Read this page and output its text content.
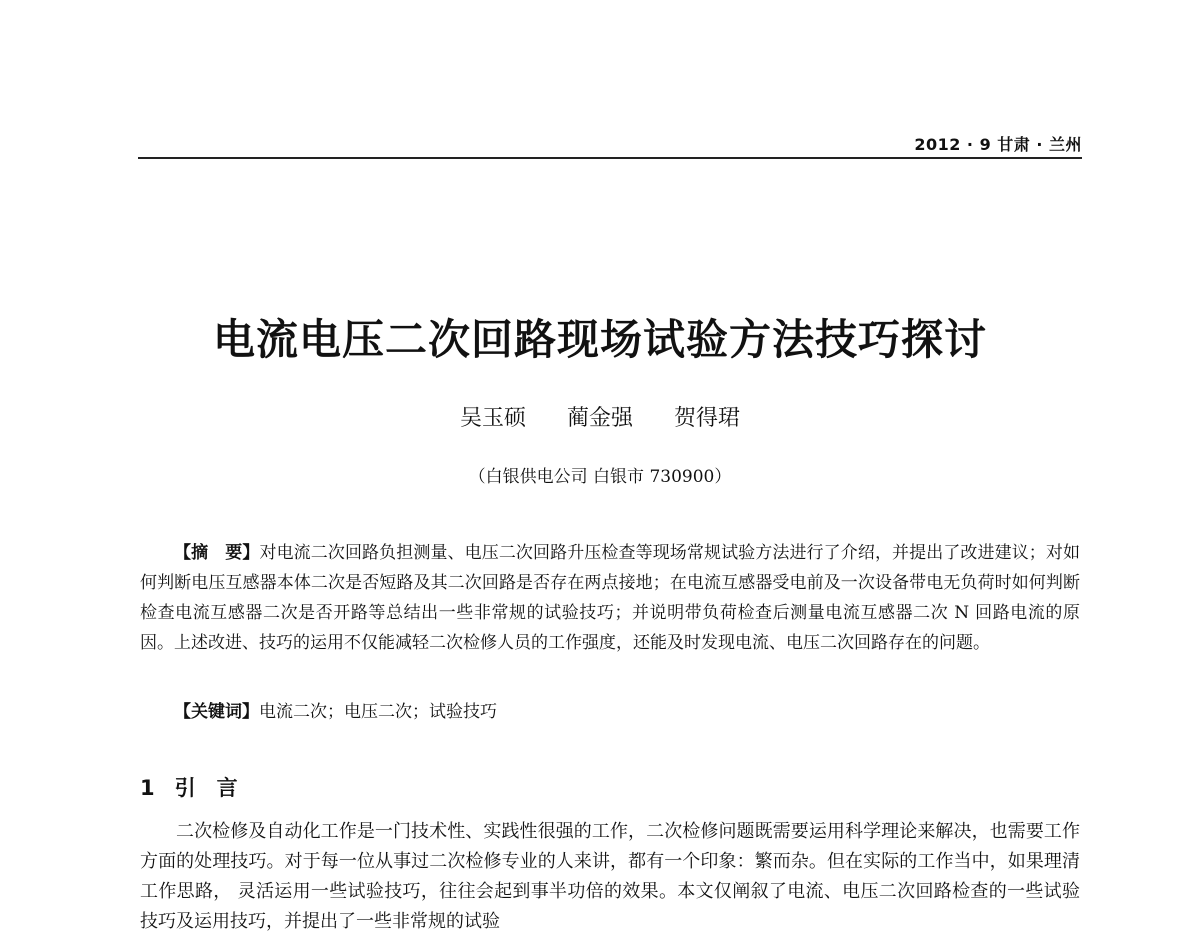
2012 · 9 甘肃 · 兰州
电流电压二次回路现场试验方法技巧探讨
吴玉硕 蔺金强 贺得珺
（白银供电公司 白银市 730900）

【摘　要】对电流二次回路负担测量、电压二次回路升压检查等现场常规试验方法进行了介绍，并提出了改进建议；对如何判断电压互感器本体二次是否短路及其二次回路是否存在两点接地；在电流互感器受电前及一次设备带电无负荷时如何判断检查电流互感器二次是否开路等总结出一些非常规的试验技巧；并说明带负荷检查后测量电流互感器二次 N 回路电流的原因。上述改进、技巧的运用不仅能减轻二次检修人员的工作强度，还能及时发现电流、电压二次回路存在的问题。

【关键词】电流二次；电压二次；试验技巧
1 引　言

二次检修及自动化工作是一门技术性、实践性很强的工作，二次检修问题既需要运用科学理论来解决，也需要工作方面的处理技巧。对于每一位从事过二次检修专业的人来讲，都有一个印象：繁而杂。但在实际的工作当中，如果理清工作思路， 灵活运用一些试验技巧，往往会起到事半功倍的效果。本文仅阐叙了电流、电压二次回路检查的一些试验技巧及运用技巧，并提出了一些非常规的试验
